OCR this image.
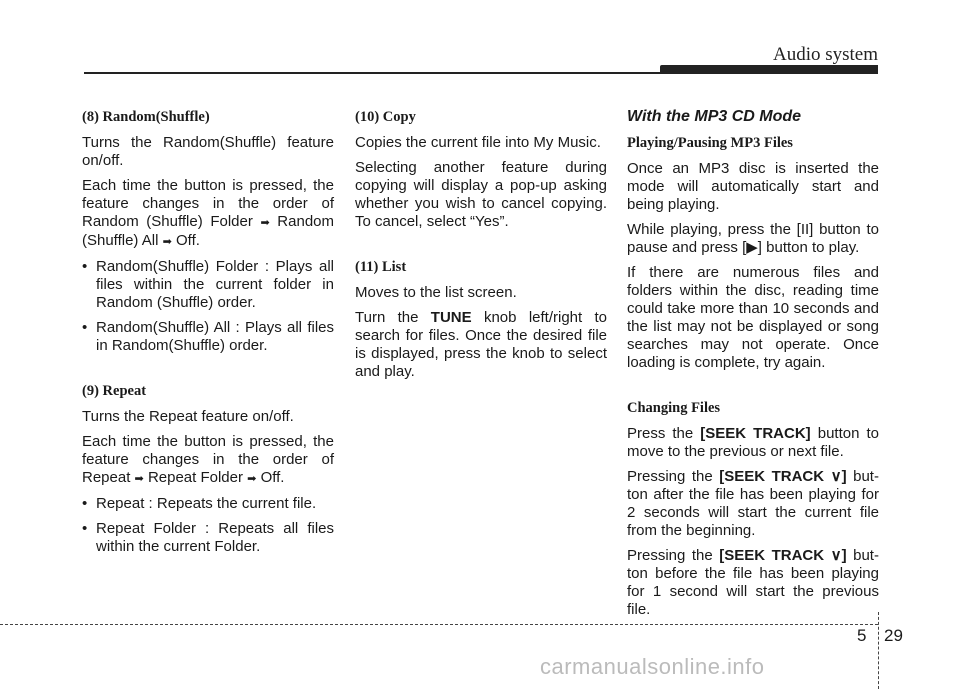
Audio system
(8) Random(Shuffle)

Turns the Random(Shuffle) feature on/off.

Each time the button is pressed, the feature changes in the order of Random (Shuffle) Folder ➡ Random (Shuffle) All ➡ Off.

• Random(Shuffle) Folder : Plays all files within the current folder in Random (Shuffle) order.
• Random(Shuffle) All : Plays all files in Random(Shuffle) order.
(9) Repeat

Turns the Repeat feature on/off.

Each time the button is pressed, the feature changes in the order of Repeat ➡ Repeat Folder ➡ Off.

• Repeat : Repeats the current file.
• Repeat Folder : Repeats all files within the current Folder.
(10) Copy

Copies the current file into My Music.

Selecting another feature during copying will display a pop-up asking whether you wish to cancel copying. To cancel, select “Yes”.

(11) List

Moves to the list screen.

Turn the TUNE knob left/right to search for files. Once the desired file is displayed, press the knob to select and play.

With the MP3 CD Mode
Playing/Pausing MP3 Files

Once an MP3 disc is inserted the mode will automatically start and being playing.

While playing, press the [II] button to pause and press [▶] button to play.

If there are numerous files and folders within the disc, reading time could take more than 10 seconds and the list may not be displayed or song searches may not operate. Once loading is complete, try again.

Changing Files

Press the [SEEK TRACK] button to move to the previous or next file.

Pressing the [SEEK TRACK ∨] but-ton after the file has been playing for 2 seconds will start the current file from the beginning.

Pressing the [SEEK TRACK ∨] but-ton before the file has been playing for 1 second will start the previous file.

5 29
carmanualsonline.info
